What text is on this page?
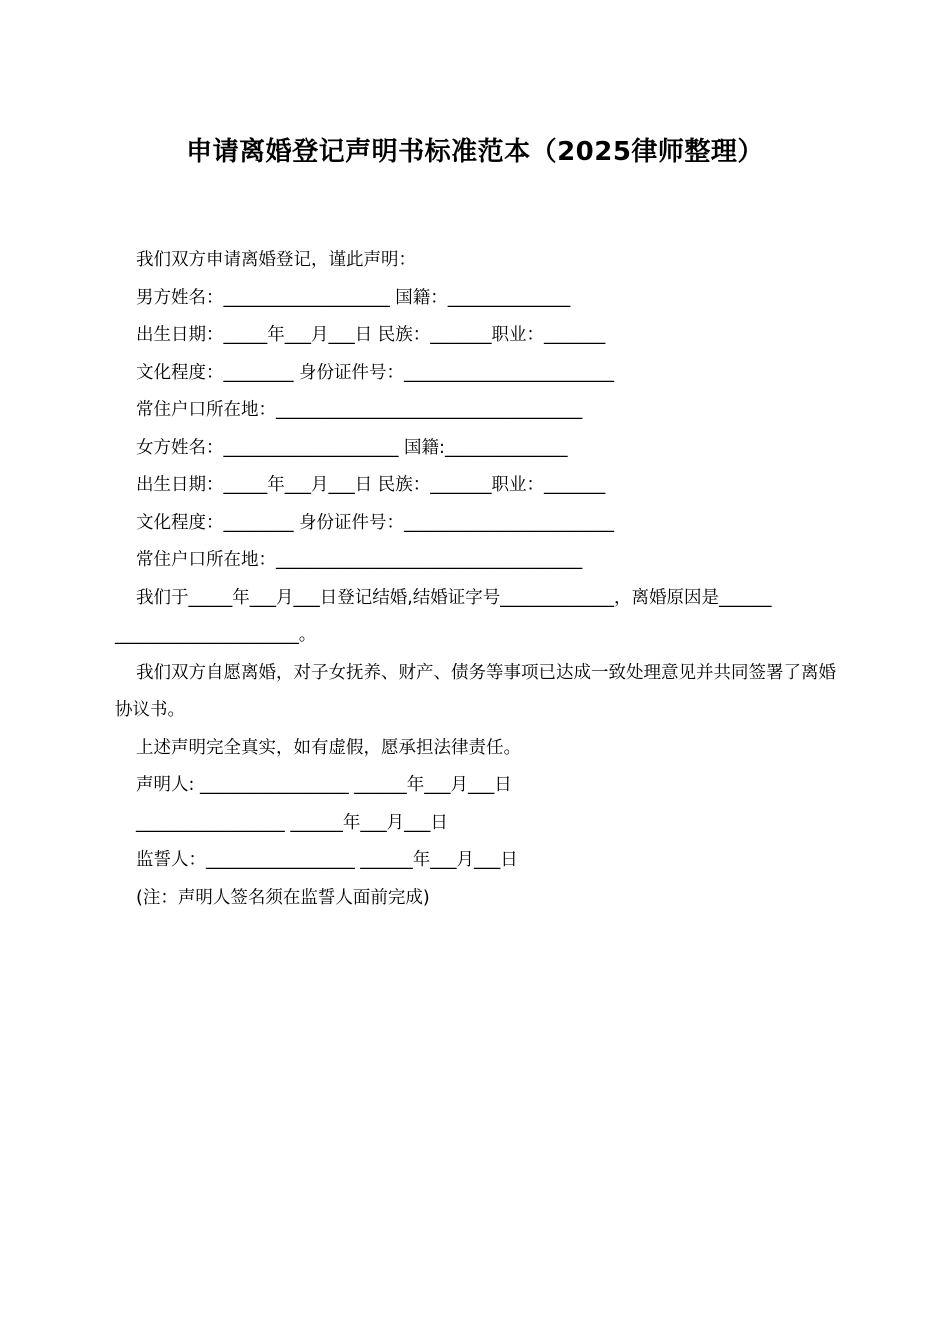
申请离婚登记声明书标准范本（2025律师整理）
我们双方申请离婚登记，谨此声明：
男方姓名：___________________ 国籍：______________
出生日期：_____年___月___日 民族：_______职业：_______
文化程度：________ 身份证件号：________________________
常住户口所在地：___________________________________
女方姓名：____________________ 国籍:______________
出生日期：_____年___月___日 民族：_______职业：_______
文化程度：________ 身份证件号：________________________
常住户口所在地：___________________________________
我们于_____年___月___日登记结婚,结婚证字号_____________，离婚原因是______
_____________________。
我们双方自愿离婚，对子女抚养、财产、债务等事项已达成一致处理意见并共同签署了离婚协议书。
上述声明完全真实，如有虚假，愿承担法律责任。
声明人: _________________ ______年___月___日
_________________ ______年___月___日
监誓人：_________________ ______年___月___日
(注：声明人签名须在监誓人面前完成)
